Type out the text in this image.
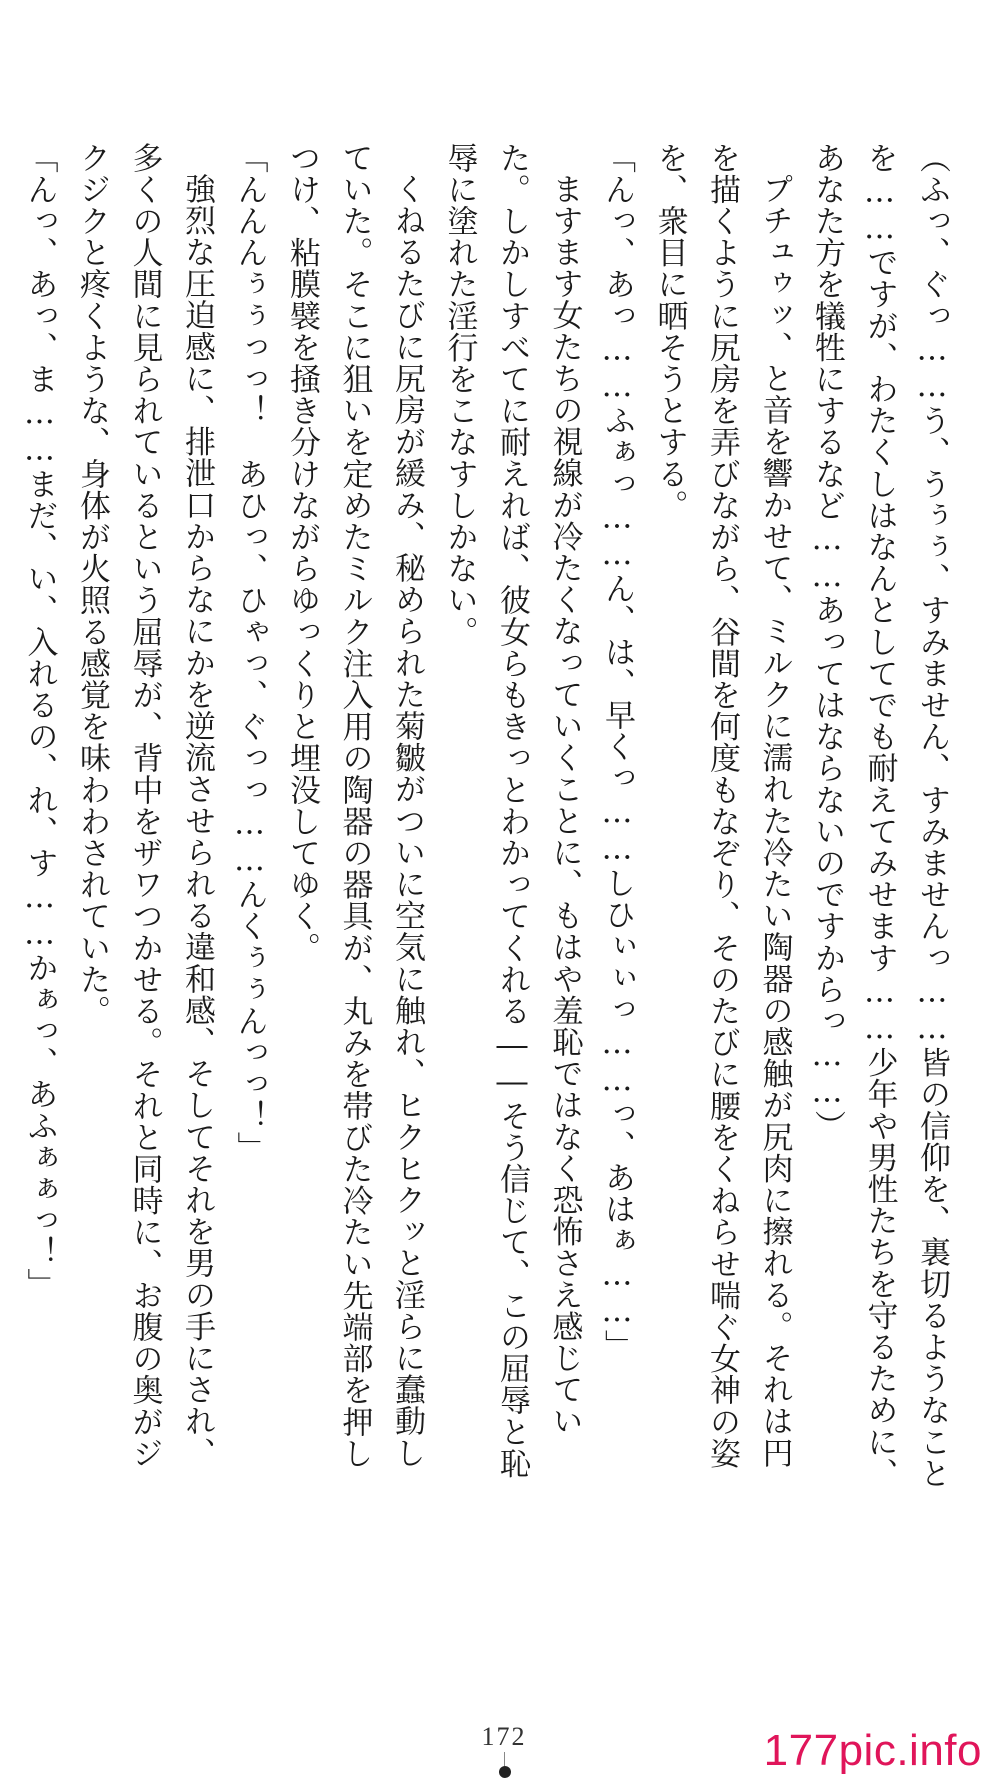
（ふっ、ぐっ……う、うぅぅ、すみません、すみませんっ……皆の信仰を、裏切るようなことを……ですが、わたくしはなんとしてでも耐えてみせます……少年や男性たちを守るために、あなた方を犠牲にするなど……あってはならないのですからっ……）

プチュゥッ、と音を響かせて、ミルクに濡れた冷たい陶器の感触が尻肉に擦れる。それは円を描くように尻房を弄びながら、谷間を何度もなぞり、そのたびに腰をくねらせ喘ぐ女神の姿を、衆目に晒そうとする。

「んっ、あっ……ふぁっ……ん、は、早くっ……しひぃぃっ……っ、あはぁ……」

ますます女たちの視線が冷たくなっていくことに、もはや羞恥ではなく恐怖さえ感じていた。しかしすべてに耐えれば、彼女らもきっとわかってくれる――そう信じて、この屈辱と恥辱に塗れた淫行をこなすしかない。

くねるたびに尻房が緩み、秘められた菊皺がついに空気に触れ、ヒクヒクッと淫らに蠢動していた。そこに狙いを定めたミルク注入用の陶器の器具が、丸みを帯びた冷たい先端部を押しつけ、粘膜襞を掻き分けながらゆっくりと埋没してゆく。

「んんんぅぅっっ！　あひっ、ひゃっ、ぐっっ……んくぅぅんっっ！」

強烈な圧迫感に、排泄口からなにかを逆流させられる違和感、そしてそれを男の手にされ、多くの人間に見られているという屈辱が、背中をザワつかせる。それと同時に、お腹の奥がジクジクと疼くような、身体が火照る感覚を味わわされていた。

「んっ、あっ、ま……まだ、い、入れるの、れ、す……かぁっ、あふぁぁっ！」

172	177pic.info
